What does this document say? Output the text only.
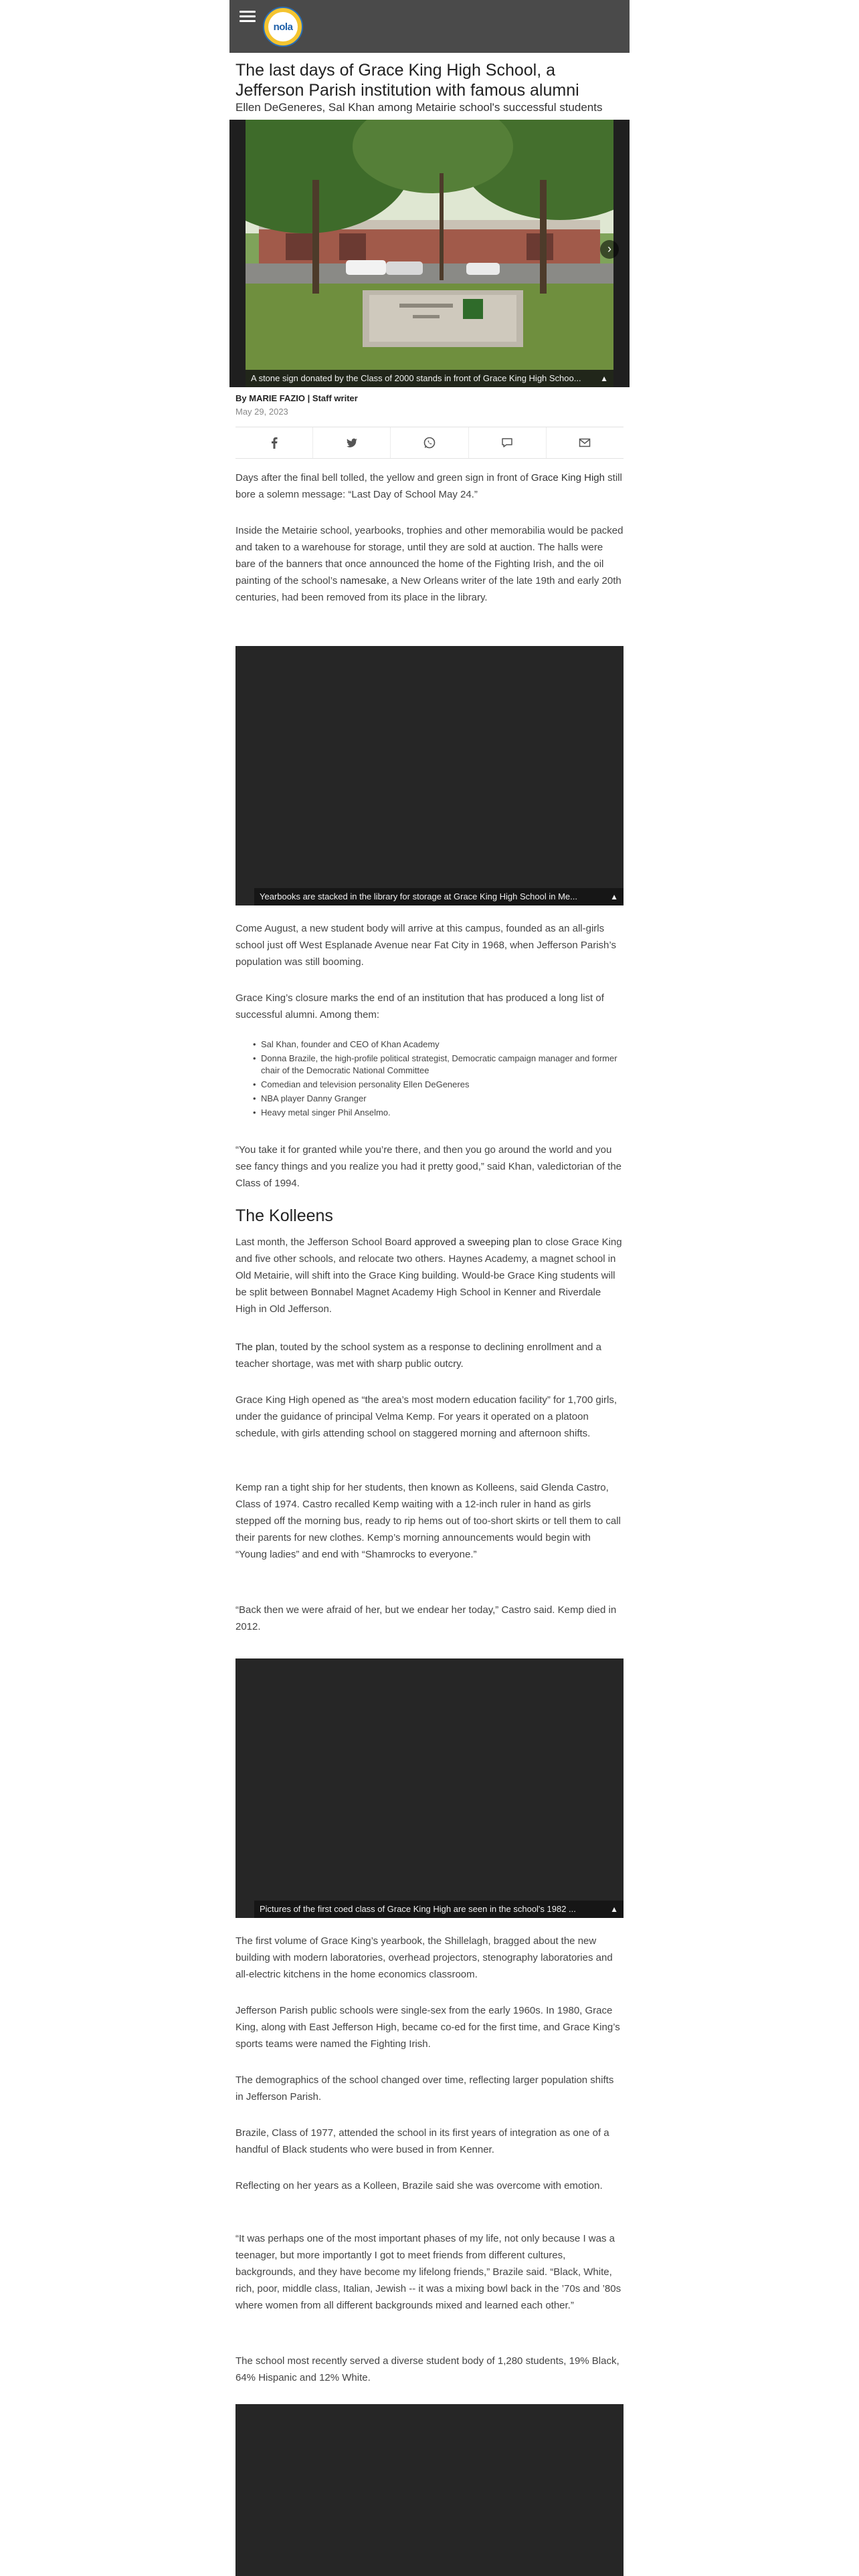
nola
The last days of Grace King High School, a Jefferson Parish institution with famous alumni
Ellen DeGeneres, Sal Khan among Metairie school's successful students
›
A stone sign donated by the Class of 2000 stands in front of Grace King High Schoo... ▲
By MARIE FAZIO | Staff writer
May 29, 2023

Days after the final bell tolled, the yellow and green sign in front of Grace King High still bore a solemn message: “Last Day of School May 24.”

Inside the Metairie school, yearbooks, trophies and other memorabilia would be packed and taken to a warehouse for storage, until they are sold at auction. The halls were bare of the banners that once announced the home of the Fighting Irish, and the oil painting of the school’s namesake, a New Orleans writer of the late 19th and early 20th centuries, had been removed from its place in the library.

Yearbooks are stacked in the library for storage at Grace King High School in Me...	▲

Come August, a new student body will arrive at this campus, founded as an all-girls school just off West Esplanade Avenue near Fat City in 1968, when Jefferson Parish’s population was still booming.

Grace King’s closure marks the end of an institution that has produced a long list of successful alumni. Among them:

• Sal Khan, founder and CEO of Khan Academy
• Donna Brazile, the high-profile political strategist, Democratic campaign manager and former chair of the Democratic National Committee
• Comedian and television personality Ellen DeGeneres
• NBA player Danny Granger
• Heavy metal singer Phil Anselmo.

“You take it for granted while you’re there, and then you go around the world and you see fancy things and you realize you had it pretty good,” said Khan, valedictorian of the Class of 1994.

The Kolleens

Last month, the Jefferson School Board approved a sweeping plan to close Grace King and five other schools, and relocate two others. Haynes Academy, a magnet school in Old Metairie, will shift into the Grace King building. Would-be Grace King students will be split between Bonnabel Magnet Academy High School in Kenner and Riverdale High in Old Jefferson.

The plan, touted by the school system as a response to declining enrollment and a teacher shortage, was met with sharp public outcry.

Grace King High opened as “the area’s most modern education facility” for 1,700 girls, under the guidance of principal Velma Kemp. For years it operated on a platoon schedule, with girls attending school on staggered morning and afternoon shifts.

Kemp ran a tight ship for her students, then known as Kolleens, said Glenda Castro, Class of 1974. Castro recalled Kemp waiting with a 12-inch ruler in hand as girls stepped off the morning bus, ready to rip hems out of too-short skirts or tell them to call their parents for new clothes. Kemp’s morning announcements would begin with “Young ladies” and end with “Shamrocks to everyone.”

“Back then we were afraid of her, but we endear her today,” Castro said. Kemp died in 2012.

Pictures of the first coed class of Grace King High are seen in the school's 1982 ...	▲

The first volume of Grace King’s yearbook, the Shillelagh, bragged about the new building with modern laboratories, overhead projectors, stenography laboratories and all-electric kitchens in the home economics classroom.

Jefferson Parish public schools were single-sex from the early 1960s. In 1980, Grace King, along with East Jefferson High, became co-ed for the first time, and Grace King’s sports teams were named the Fighting Irish.

The demographics of the school changed over time, reflecting larger population shifts in Jefferson Parish.

Brazile, Class of 1977, attended the school in its first years of integration as one of a handful of Black students who were bused in from Kenner.

Reflecting on her years as a Kolleen, Brazile said she was overcome with emotion.

“It was perhaps one of the most important phases of my life, not only because I was a teenager, but more importantly I got to meet friends from different cultures, backgrounds, and they have become my lifelong friends,” Brazile said. “Black, White, rich, poor, middle class, Italian, Jewish -- it was a mixing bowl back in the ’70s and ’80s where women from all different backgrounds mixed and learned each other.”

The school most recently served a diverse student body of 1,280 students, 19% Black, 64% Hispanic and 12% White.
